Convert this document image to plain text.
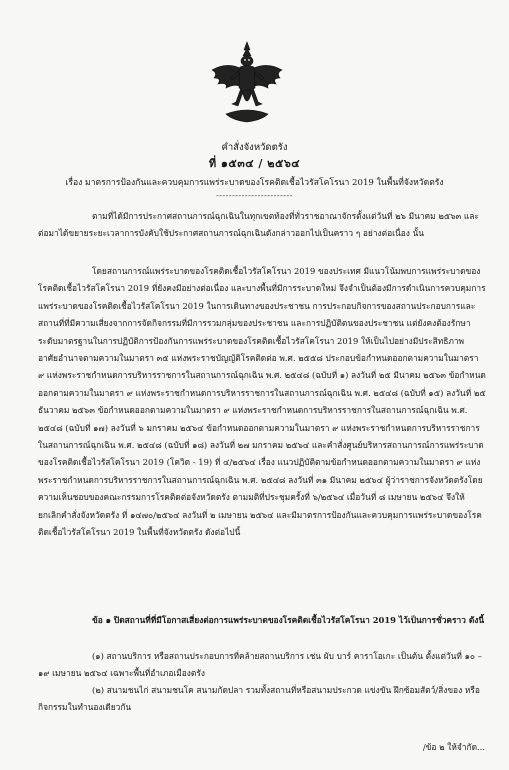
คำสั่งจังหวัดตรัง
ที่ ๑๕๓๔ / ๒๕๖๔
เรื่อง มาตรการป้องกันและควบคุมการแพร่ระบาดของโรคติดเชื้อไวรัสโคโรนา 2019 ในพื้นที่จังหวัดตรัง
------------------------
ตามที่ได้มีการประกาศสถานการณ์ฉุกเฉินในทุกเขตท้องที่ทั่วราชอาณาจักรตั้งแต่วันที่ ๒๖ มีนาคม ๒๕๖๓ และต่อมาได้ขยายระยะเวลาการบังคับใช้ประกาศสถานการณ์ฉุกเฉินดังกล่าวออกไปเป็นคราว ๆ อย่างต่อเนื่อง นั้น
โดยสถานการณ์แพร่ระบาดของโรคติดเชื้อไวรัสโคโรนา 2019 ของประเทศ มีแนวโน้มพบการแพร่ระบาดของโรคติดเชื้อไวรัสโคโรนา 2019 ที่ยังคงมีอย่างต่อเนื่อง และบางพื้นที่มีการระบาดใหม่ จึงจำเป็นต้องมีการดำเนินการควบคุมการแพร่ระบาดของโรคติดเชื้อไวรัสโคโรนา 2019 ในการเดินทางของประชาชน การประกอบกิจการของสถานประกอบการและสถานที่ที่มีความเสี่ยงจากการจัดกิจกรรมที่มีการรวมกลุ่มของประชาชน และการปฏิบัติตนของประชาชน แต่ยังคงต้องรักษาระดับมาตรฐานในการปฏิบัติการป้องกันการแพร่ระบาดของโรคติดเชื้อไวรัสโคโรนา 2019 ให้เป็นไปอย่างมีประสิทธิภาพ อาศัยอำนาจตามความในมาตรา ๓๕ แห่งพระราชบัญญัติโรคติดต่อ พ.ศ. ๒๕๕๘ ประกอบข้อกำหนดออกตามความในมาตรา ๙ แห่งพระราชกำหนดการบริหารราชการในสถานการณ์ฉุกเฉิน พ.ศ. ๒๕๔๘ (ฉบับที่ ๑) ลงวันที่ ๒๕ มีนาคม ๒๕๖๓ ข้อกำหนดออกตามความในมาตรา ๙ แห่งพระราชกำหนดการบริหารราชการในสถานการณ์ฉุกเฉิน พ.ศ. ๒๕๔๘ (ฉบับที่ ๑๕) ลงวันที่ ๒๕ ธันวาคม ๒๕๖๓ ข้อกำหนดออกตามความในมาตรา ๙ แห่งพระราชกำหนดการบริหารราชการในสถานการณ์ฉุกเฉิน พ.ศ. ๒๕๔๘ (ฉบับที่ ๑๗) ลงวันที่ ๖ มกราคม ๒๕๖๔ ข้อกำหนดออกตามความในมาตรา ๙ แห่งพระราชกำหนดการบริหารราชการในสถานการณ์ฉุกเฉิน พ.ศ. ๒๕๔๘ (ฉบับที่ ๑๘) ลงวันที่ ๒๗ มกราคม ๒๕๖๔ และคำสั่งศูนย์บริหารสถานการณ์การแพร่ระบาดของโรคติดเชื้อไวรัสโคโรนา 2019 (โควิด - 19) ที่ ๔/๒๕๖๔ เรื่อง แนวปฏิบัติตามข้อกำหนดออกตามความในมาตรา ๙ แห่งพระราชกำหนดการบริหารราชการในสถานการณ์ฉุกเฉิน พ.ศ. ๒๕๔๘ ลงวันที่ ๓๑ มีนาคม ๒๕๖๔ ผู้ว่าราชการจังหวัดตรังโดยความเห็นชอบของคณะกรรมการโรคติดต่อจังหวัดตรัง ตามมติที่ประชุมครั้งที่ ๖/๒๕๖๔ เมื่อวันที่ ๘ เมษายน ๒๕๖๔ จึงให้ยกเลิกคำสั่งจังหวัดตรัง ที่ ๑๔๗๐/๒๕๖๔ ลงวันที่ ๒ เมษายน ๒๕๖๔ และมีมาตรการป้องกันและควบคุมการแพร่ระบาดของโรคติดเชื้อไวรัสโคโรนา 2019 ในพื้นที่จังหวัดตรัง ดังต่อไปนี้
ข้อ ๑ ปิดสถานที่ที่มีโอกาสเสี่ยงต่อการแพร่ระบาดของโรคติดเชื้อไวรัสโคโรนา 2019 ไว้เป็นการชั่วคราว ดังนี้
(๑) สถานบริการ หรือสถานประกอบการที่คล้ายสถานบริการ เช่น ผับ บาร์ คาราโอเกะ เป็นต้น ตั้งแต่วันที่ ๑๐ – ๑๙ เมษายน ๒๕๖๔ เฉพาะพื้นที่อำเภอเมืองตรัง
(๒) สนามชนไก่ สนามชนโค สนามกัดปลา รวมทั้งสถานที่หรือสนามประกวด แข่งขัน ฝึกซ้อมสัตว์/สิ่งของ หรือกิจกรรมในทำนองเดียวกัน
/ข้อ ๒ ให้จำกัด...
